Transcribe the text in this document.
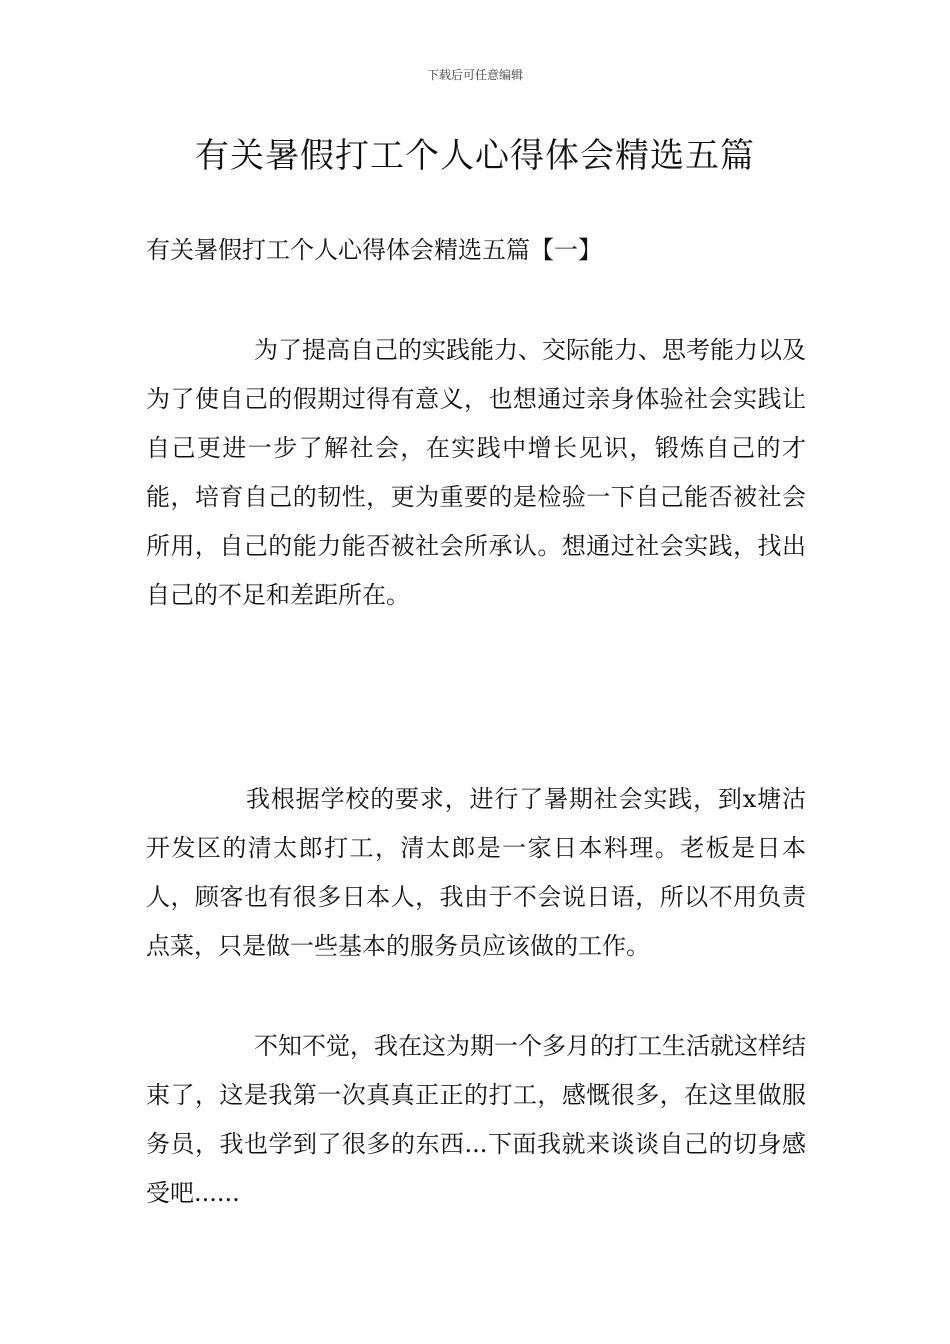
下载后可任意编辑
有关暑假打工个人心得体会精选五篇
有关暑假打工个人心得体会精选五篇【一】

为了提高自己的实践能力、交际能力、思考能力以及为了使自己的假期过得有意义，也想通过亲身体验社会实践让自己更进一步了解社会，在实践中增长见识，锻炼自己的才能，培育自己的韧性，更为重要的是检验一下自己能否被社会所用，自己的能力能否被社会所承认。想通过社会实践，找出自己的不足和差距所在。

我根据学校的要求，进行了暑期社会实践，到x塘沽开发区的清太郎打工，清太郎是一家日本料理。老板是日本人，顾客也有很多日本人，我由于不会说日语，所以不用负责点菜，只是做一些基本的服务员应该做的工作。

不知不觉，我在这为期一个多月的打工生活就这样结束了，这是我第一次真真正正的打工，感慨很多，在这里做服务员，我也学到了很多的东西...下面我就来谈谈自己的切身感受吧......
